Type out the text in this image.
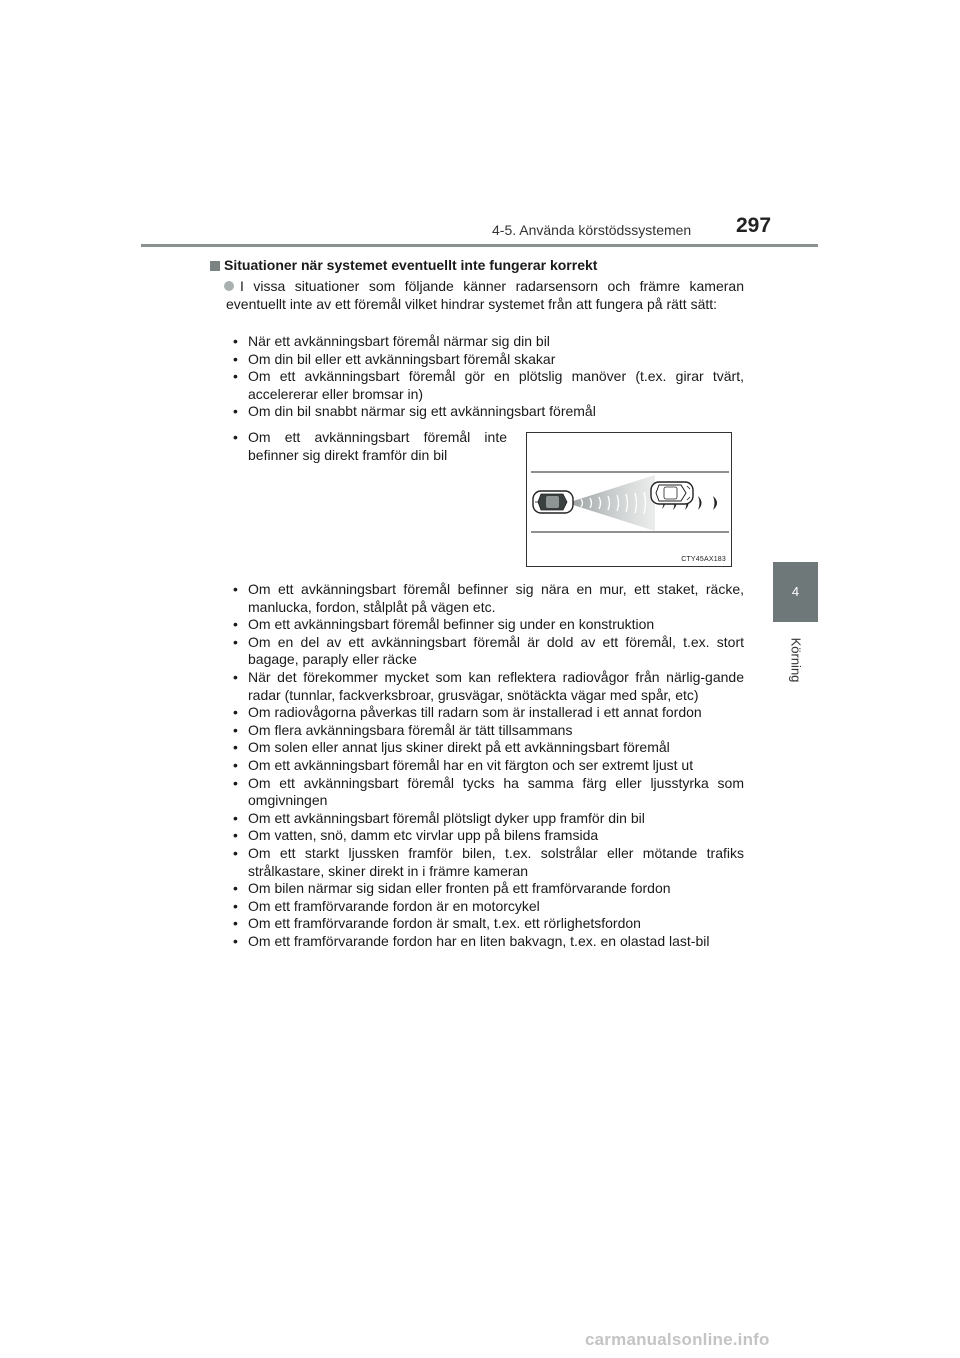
4-5. Använda körstödssystemen 297
4
Körning
Situationer när systemet eventuellt inte fungerar korrekt
I vissa situationer som följande känner radarsensorn och främre kameran eventuellt inte av ett föremål vilket hindrar systemet från att fungera på rätt sätt:
• När ett avkänningsbart föremål närmar sig din bil
• Om din bil eller ett avkänningsbart föremål skakar
• Om ett avkänningsbart föremål gör en plötslig manöver (t.ex. girar tvärt, accelererar eller bromsar in)
• Om din bil snabbt närmar sig ett avkänningsbart föremål
• Om ett avkänningsbart föremål inte befinner sig direkt framför din bil
CTY45AX183
• Om ett avkänningsbart föremål befinner sig nära en mur, ett staket, räcke, manlucka, fordon, stålplåt på vägen etc.
• Om ett avkänningsbart föremål befinner sig under en konstruktion
• Om en del av ett avkänningsbart föremål är dold av ett föremål, t.ex. stort bagage, paraply eller räcke
• När det förekommer mycket som kan reflektera radiovågor från närlig-gande radar (tunnlar, fackverksbroar, grusvägar, snötäckta vägar med spår, etc)
• Om radiovågorna påverkas till radarn som är installerad i ett annat fordon
• Om flera avkänningsbara föremål är tätt tillsammans
• Om solen eller annat ljus skiner direkt på ett avkänningsbart föremål
• Om ett avkänningsbart föremål har en vit färgton och ser extremt ljust ut
• Om ett avkänningsbart föremål tycks ha samma färg eller ljusstyrka som omgivningen
• Om ett avkänningsbart föremål plötsligt dyker upp framför din bil
• Om vatten, snö, damm etc virvlar upp på bilens framsida
• Om ett starkt ljussken framför bilen, t.ex. solstrålar eller mötande trafiks strålkastare, skiner direkt in i främre kameran
• Om bilen närmar sig sidan eller fronten på ett framförvarande fordon
• Om ett framförvarande fordon är en motorcykel
• Om ett framförvarande fordon är smalt, t.ex. ett rörlighetsfordon
• Om ett framförvarande fordon har en liten bakvagn, t.ex. en olastad last-bil
carmanualsonline.info
